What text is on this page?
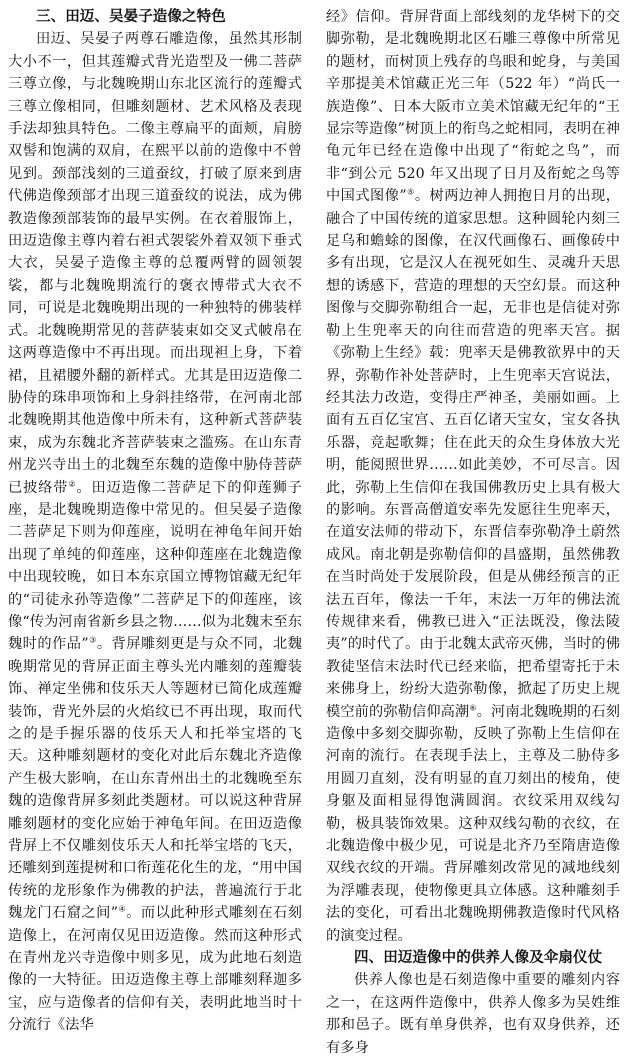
三、田迈、吴晏子造像之特色

田迈、吴晏子两尊石雕造像，虽然其形制大小不一，但其莲瓣式背光造型及一佛二菩萨三尊立像，与北魏晚期山东北区流行的莲瓣式三尊立像相同，但雕刻题材、艺术风格及表现手法却独具特色。二像主尊扁平的面颊，肩膀双髻和饱满的双肩，在熙平以前的造像中不曾见到。颈部浅刻的三道蚕纹，打破了原来到唐代佛造像颈部才出现三道蚕纹的说法，成为佛教造像颈部装饰的最早实例。在衣着服饰上，田迈造像主尊内着右袒式袈裟外着双领下垂式大衣，吴晏子造像主尊的总覆两臂的圆领袈裟，都与北魏晚期流行的褒衣博带式大衣不同，可说是北魏晚期出现的一种独特的佛装样式。北魏晚期常见的菩萨装束如交叉式帔帛在这两尊造像中不再出现。而出现袒上身，下着裙，且裙腰外翻的新样式。尤其是田迈造像二胁侍的珠串项饰和上身斜挂络带，在河南北部北魏晚期其他造像中所未有，这种新式菩萨装束，成为东魏北齐菩萨装束之滥殇。在山东青州龙兴寺出土的北魏至东魏的造像中胁侍菩萨已披络带②。田迈造像二菩萨足下的仰莲狮子座，是北魏晚期造像中常见的。但吴晏子造像二菩萨足下则为仰莲座，说明在神龟年间开始出现了单纯的仰莲座，这种仰莲座在北魏造像中出现较晚，如日本东京国立博物馆藏无纪年的“司徒永孙等造像”二菩萨足下的仰莲座，该像“传为河南省新乡县之物……似为北魏末至东魏时的作品”③。背屏雕刻更是与众不同，北魏晚期常见的背屏正面主尊头光内雕刻的莲瓣装饰、禅定坐佛和伎乐天人等题材已简化成莲瓣装饰，背光外层的火焰纹已不再出现，取而代之的是手握乐器的伎乐天人和托举宝塔的飞天。这种雕刻题材的变化对此后东魏北齐造像产生极大影响，在山东青州出土的北魏晚至东魏的造像背屏多刻此类题材。可以说这种背屏雕刻题材的变化应始于神龟年间。在田迈造像背屏上不仅雕刻伎乐天人和托举宝塔的飞天，还雕刻到莲提树和口衔莲花化生的龙，“用中国传统的龙形象作为佛教的护法，普遍流行于北魏龙门石窟之间”④。而以此种形式雕刻在石刻造像上，在河南仅见田迈造像。然而这种形式在青州龙兴寺造像中则多见，成为此地石刻造像的一大特征。田迈造像主尊上部雕刻释迦多宝，应与造像者的信仰有关，表明此地当时十分流行《法华

经》信仰。背屏背面上部线刻的龙华树下的交脚弥勒，是北魏晚期北区石雕三尊像中所常见的题材，而树顶上残存的鸟眼和蛇身，与美国辛那提美术馆藏正光三年（522 年）“尚氏一族造像”、日本大阪市立美术馆藏无纪年的“王显宗等造像”树顶上的衔鸟之蛇相同，表明在神龟元年已经在造像中出现了“衔蛇之鸟”，而非“到公元 520 年又出现了日月及衔蛇之鸟等中国式图像”⑤。树两边神人拥抱日月的出现，融合了中国传统的道家思想。这种圆轮内刻三足乌和蟾蜍的图像，在汉代画像石、画像砖中多有出现，它是汉人在视死如生、灵魂升天思想的诱感下，营造的理想的天空幻景。而这种图像与交脚弥勒组合一起，无非也是信徒对弥勒上生兜率天的向往而营造的兜率天宫。据《弥勒上生经》载：兜率天是佛教欲界中的天界，弥勒作补处菩萨时，上生兜率天宫说法，经其法力改造，变得庄严神圣，美丽如画。上面有五百亿宝宫、五百亿诸天宝女，宝女各执乐器，竞起歌舞；住在此天的众生身体放大光明，能阅照世界……如此美妙，不可尽言。因此，弥勒上生信仰在我国佛教历史上具有极大的影响。东晋高僧道安率先发愿往生兜率天，在道安法师的带动下，东晋信奉弥勒净土蔚然成风。南北朝是弥勒信仰的昌盛期，虽然佛教在当时尚处于发展阶段，但是从佛经预言的正法五百年，像法一千年，末法一万年的佛法流传规律来看，佛教已进入“正法既没，像法陵夷”的时代了。由于北魏太武帝灭佛，当时的佛教徒坚信末法时代已经来临，把希望寄托于未来佛身上，纷纷大造弥勒像，掀起了历史上规模空前的弥勒信仰高潮⑥。河南北魏晚期的石刻造像中多刻交脚弥勒，反映了弥勒上生信仰在河南的流行。在表现手法上，主尊及二胁侍多用圆刀直刻，没有明显的直刀刻出的棱角，使身躯及面相显得饱满圆润。衣纹采用双线勾勒，极具装饰效果。这种双线勾勒的衣纹，在北魏造像中极少见，可说是北齐乃至隋唐造像双线衣纹的开端。背屏雕刻改常见的减地线刻为浮雕表现，使物像更具立体感。这种雕刻手法的变化，可看出北魏晚期佛教造像时代风格的演变过程。

四、田迈造像中的供养人像及伞扇仪仗

供养人像也是石刻造像中重要的雕刻内容之一，在这两件造像中，供养人像多为吴姓维那和邑子。既有单身供养，也有双身供养，还有多身
